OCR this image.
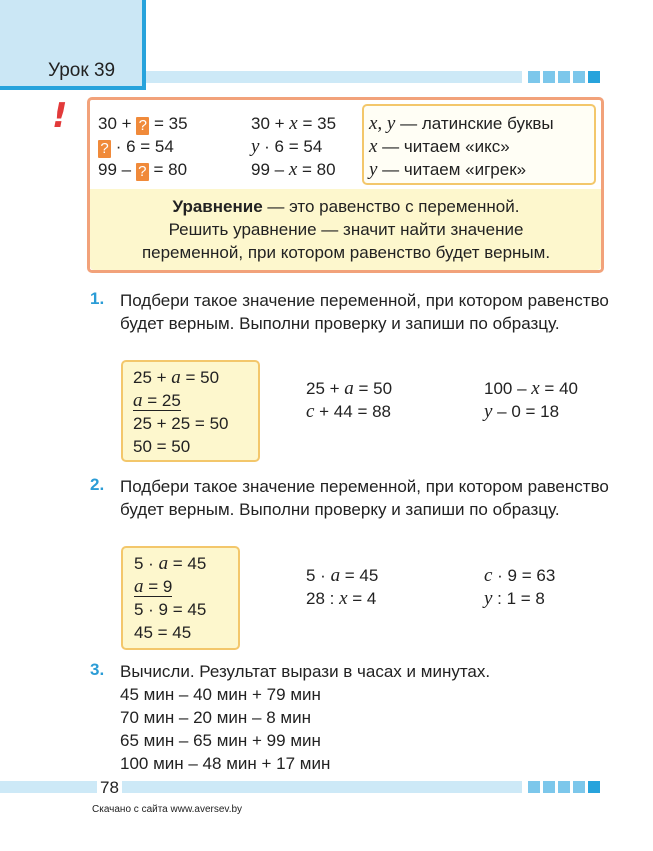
Урок 39
! 30 + ? = 35
? · 6 = 54
99 – ? = 80
30 + x = 35
y · 6 = 54
99 – x = 80
x, y — латинские буквы
x — читаем «икс»
y — читаем «игрек»
Уравнение — это равенство с переменной.
Решить уравнение — значит найти значение
переменной, при котором равенство будет верным.
1. Подбери такое значение переменной, при котором равенство будет верным. Выполни проверку и запиши по образцу.
25 + a = 50
a = 25
25 + 25 = 50
50 = 50
25 + a = 50
c + 44 = 88
100 – x = 40
y – 0 = 18
2. Подбери такое значение переменной, при котором равенство будет верным. Выполни проверку и запиши по образцу.
5 · a = 45
a = 9
5 · 9 = 45
45 = 45
5 · a = 45
28 : x = 4
c · 9 = 63
y : 1 = 8
3. Вычисли. Результат вырази в часах и минутах.
45 мин – 40 мин + 79 мин
70 мин – 20 мин – 8 мин
65 мин – 65 мин + 99 мин
100 мин – 48 мин + 17 мин
78
Скачано с сайта www.aversev.by
